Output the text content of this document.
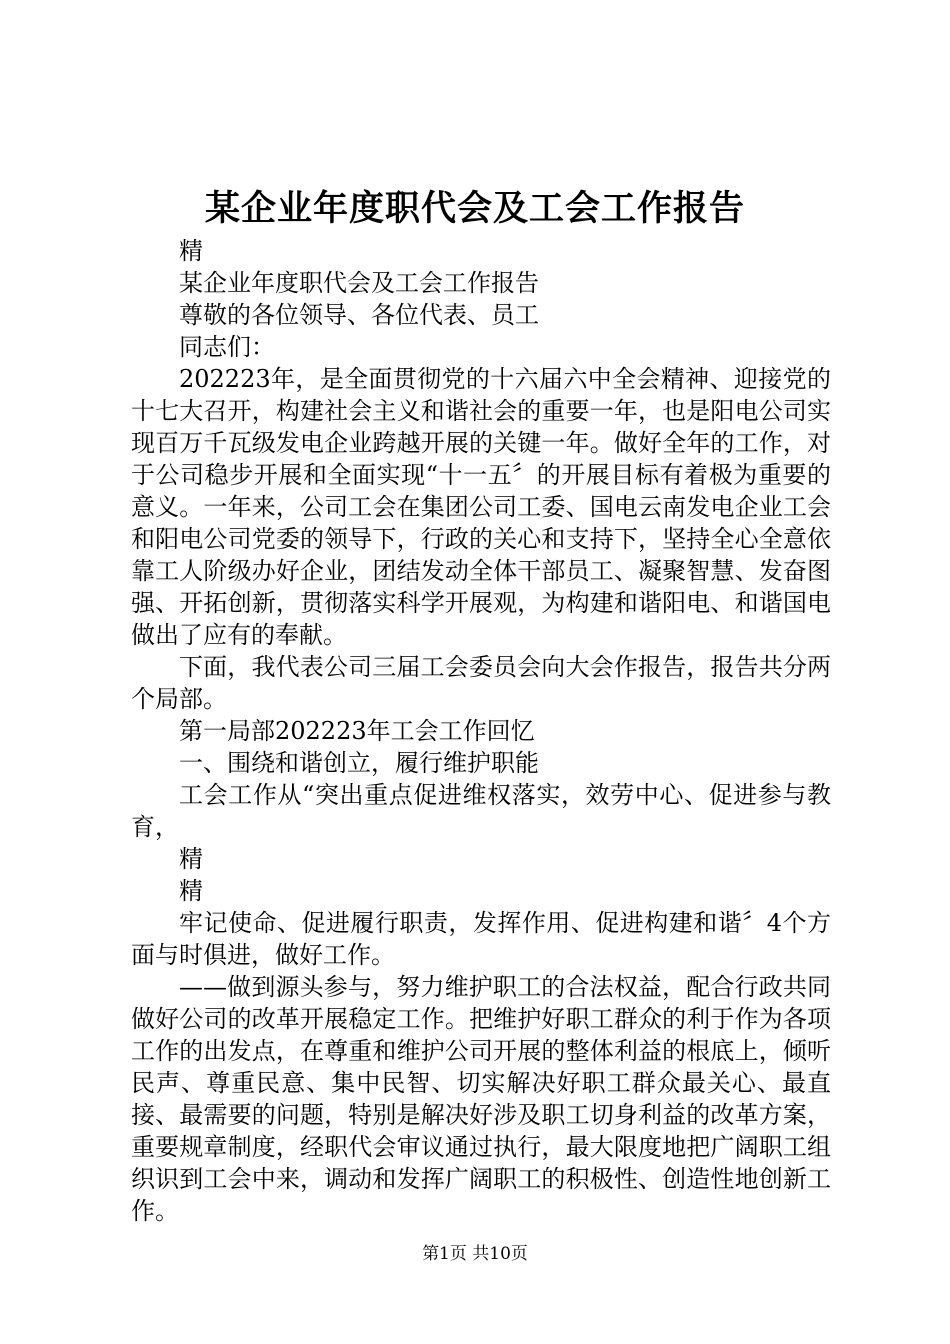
某企业年度职代会及工会工作报告

精

某企业年度职代会及工会工作报告

尊敬的各位领导、各位代表、员工

同志们：

202223年，是全面贯彻党的十六届六中全会精神、迎接党的十七大召开，构建社会主义和谐社会的重要一年，也是阳电公司实现百万千瓦级发电企业跨越开展的关键一年。做好全年的工作，对于公司稳步开展和全面实现“十一五〞的开展目标有着极为重要的意义。一年来，公司工会在集团公司工委、国电云南发电企业工会和阳电公司党委的领导下，行政的关心和支持下，坚持全心全意依靠工人阶级办好企业，团结发动全体干部员工、凝聚智慧、发奋图强、开拓创新，贯彻落实科学开展观，为构建和谐阳电、和谐国电做出了应有的奉献。

下面，我代表公司三届工会委员会向大会作报告，报告共分两个局部。

第一局部202223年工会工作回忆

一、围绕和谐创立，履行维护职能

工会工作从“突出重点促进维权落实，效劳中心、促进参与教育，

精

精

牢记使命、促进履行职责，发挥作用、促进构建和谐〞4个方面与时俱进，做好工作。

——做到源头参与，努力维护职工的合法权益，配合行政共同做好公司的改革开展稳定工作。把维护好职工群众的利于作为各项工作的出发点，在尊重和维护公司开展的整体利益的根底上，倾听民声、尊重民意、集中民智、切实解决好职工群众最关心、最直接、最需要的问题，特别是解决好涉及职工切身利益的改革方案，重要规章制度，经职代会审议通过执行，最大限度地把广阔职工组织识到工会中来，调动和发挥广阔职工的积极性、创造性地创新工作。

第1页 共10页
